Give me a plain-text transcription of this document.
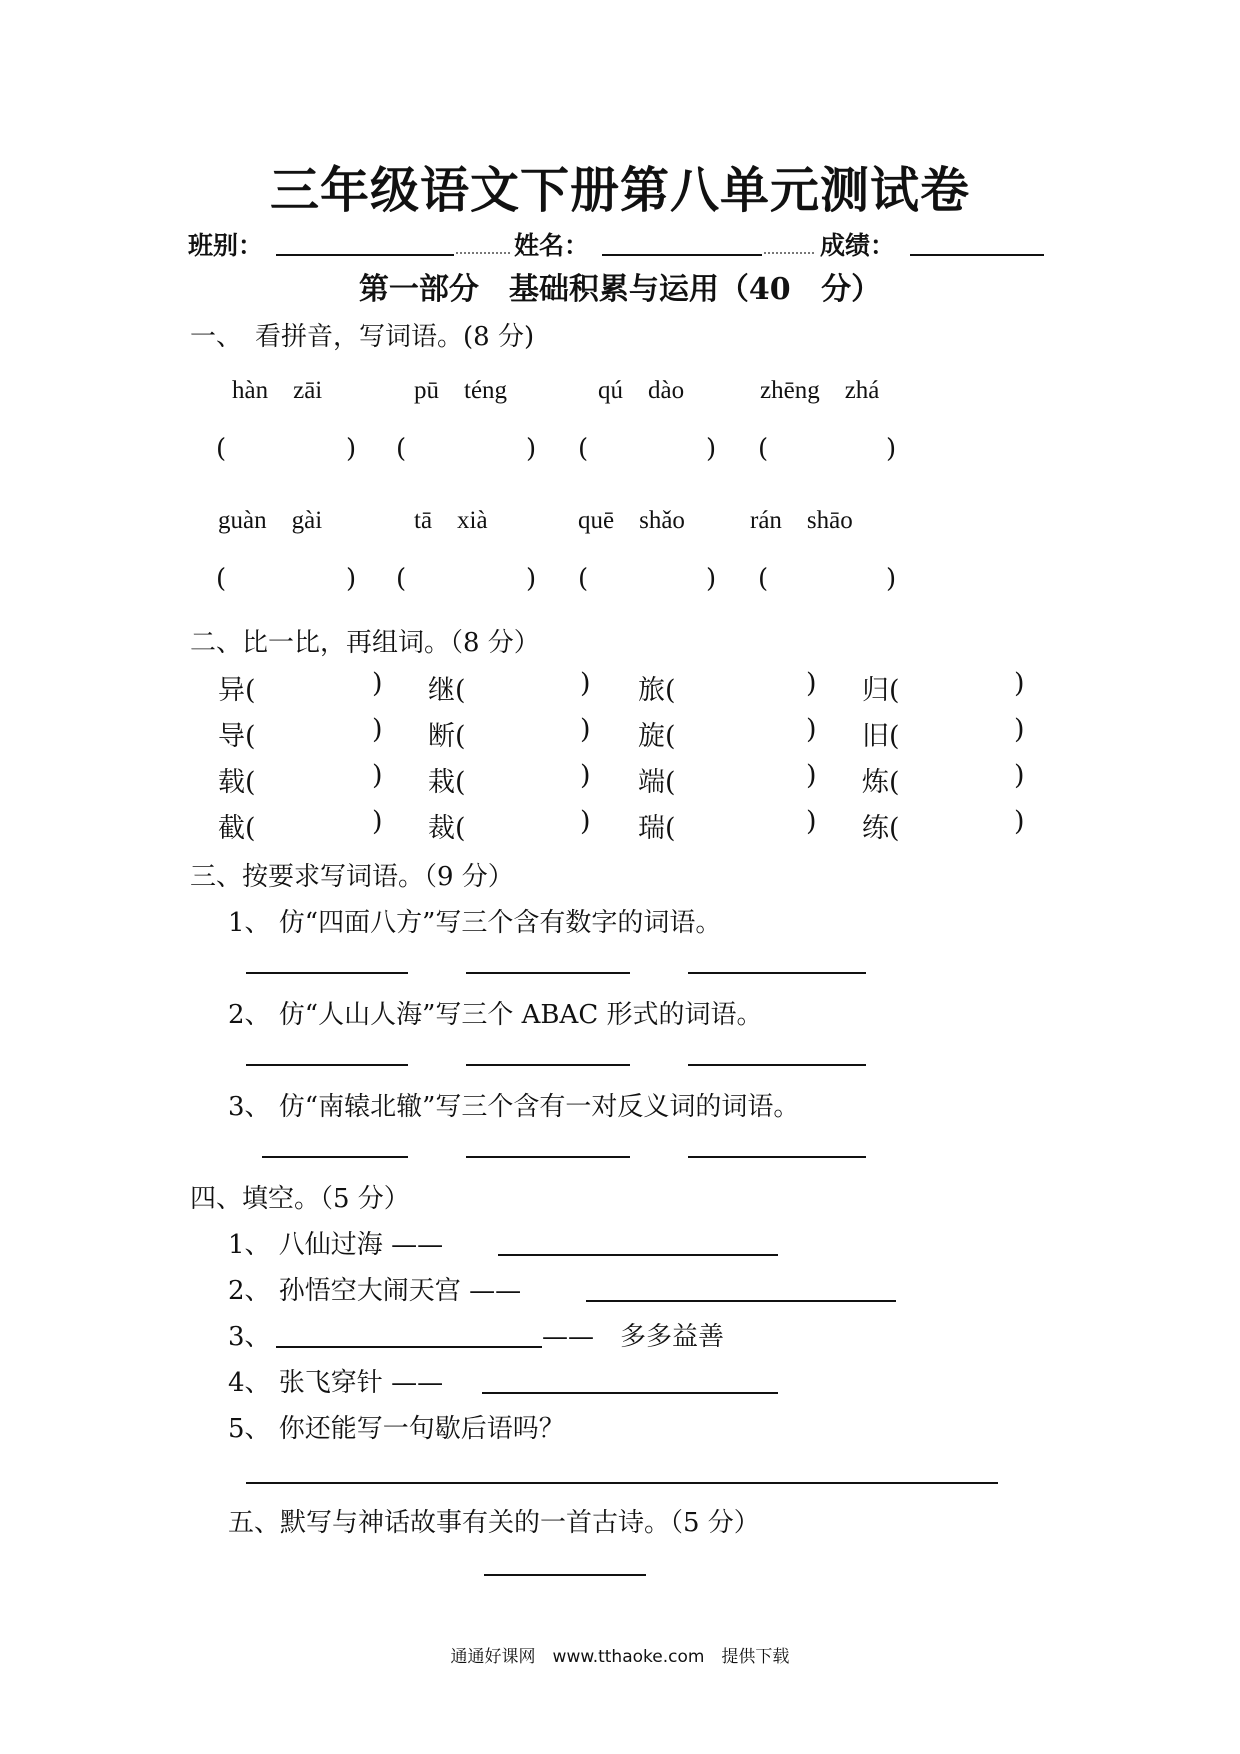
三年级语文下册第八单元测试卷
班别：	姓名：	成绩：
第一部分　基础积累与运用（40 分）
一、　看拼音，写词语。(8 分)
hàn　zāi	pū　téng	qú　dào	zhēng　zhá
(	) (	) (	) (	)
guàn　gài	tā　xià	quē　shǎo	rán　shāo
(	) (	) (	) (	)
二、比一比，再组词。（8 分）
异(	) 继(	) 旅(	) 归(	)
导(	) 断(	) 旋(	) 旧(	)
载(	) 栽(	) 端(	) 炼(	)
截(	) 裁(	) 瑞(	) 练(	)
三、按要求写词语。（9 分）
1、 仿“四面八方”写三个含有数字的词语。
2、 仿“人山人海”写三个 ABAC 形式的词语。
3、 仿“南辕北辙”写三个含有一对反义词的词语。
四、填空。（5 分）
1、 八仙过海 ——
2、 孙悟空大闹天宫 ——
3、	——　多多益善
4、 张飞穿针 ——
5、 你还能写一句歇后语吗？
五、默写与神话故事有关的一首古诗。（5 分）
通通好课网　www.tthaoke.com　提供下载
